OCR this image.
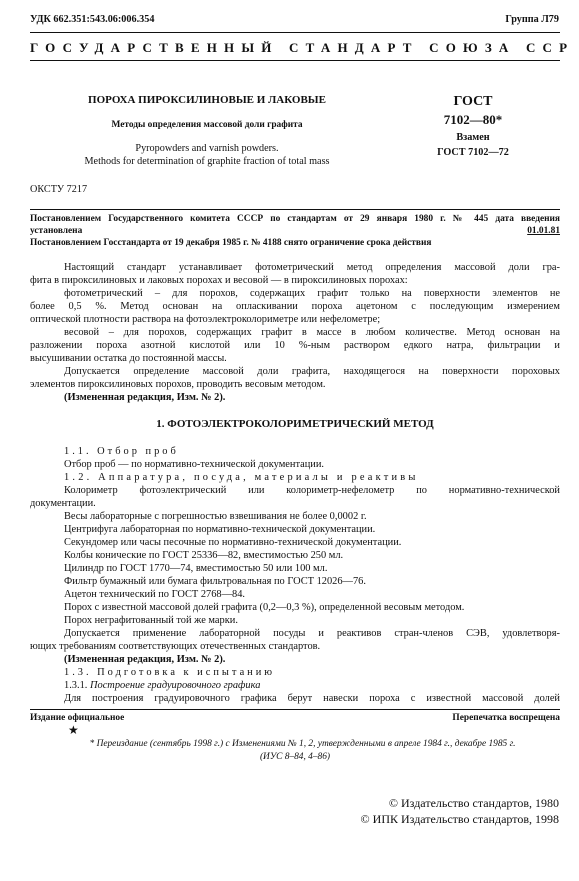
УДК 662.351:543.06:006.354	Группа Л79
ГОСУДАРСТВЕННЫЙ СТАНДАРТ СОЮЗА ССР
ПОРОХА ПИРОКСИЛИНОВЫЕ И ЛАКОВЫЕ
Методы определения массовой доли графита
Pyropowders and varnish powders.
Methods for determination of graphite fraction of total mass
ГОСТ
7102—80*
Взамен
ГОСТ 7102—72
ОКСТУ 7217
Постановлением Государственного комитета СССР по стандартам от 29 января 1980 г. № 445 дата введения
установлена	01.01.81
Постановлением Госстандарта от 19 декабря 1985 г. № 4188 снято ограничение срока действия
Настоящий стандарт устанавливает фотометрический метод определения массовой доли гра-
фита в пироксилиновых и лаковых порохах и весовой — в пироксилиновых порохах:
фотометрический – для порохов, содержащих графит только на поверхности элементов не
более 0,5 %. Метод основан на опласкивании пороха ацетоном с последующим измерением
оптической плотности раствора на фотоэлектроколориметре или нефелометре;
весовой – для порохов, содержащих графит в массе в любом количестве. Метод основан на
разложении пороха азотной кислотой или 10 %-ным раствором едкого натра, фильтрации и
высушивании остатка до постоянной массы.
Допускается определение массовой доли графита, находящегося на поверхности пороховых
элементов пироксилиновых порохов, проводить весовым методом.
(Измененная редакция, Изм. № 2).
1. ФОТОЭЛЕКТРОКОЛОРИМЕТРИЧЕСКИЙ МЕТОД
1.1. Отбор проб
Отбор проб — по нормативно-технической документации.
1.2. Аппаратура, посуда, материалы и реактивы
Колориметр фотоэлектрический или колориметр-нефелометр по нормативно-технической
документации.
Весы лабораторные с погрешностью взвешивания не более 0,0002 г.
Центрифуга лабораторная по нормативно-технической документации.
Секундомер или часы песочные по нормативно-технической документации.
Колбы конические по ГОСТ 25336—82, вместимостью 250 мл.
Цилиндр по ГОСТ 1770—74, вместимостью 50 или 100 мл.
Фильтр бумажный или бумага фильтровальная по ГОСТ 12026—76.
Ацетон технический по ГОСТ 2768—84.
Порох с известной массовой долей графита (0,2—0,3 %), определенной весовым методом.
Порох неграфитованный той же марки.
Допускается применение лабораторной посуды и реактивов стран-членов СЭВ, удовлетворя-
ющих требованиям соответствующих отечественных стандартов.
(Измененная редакция, Изм. № 2).
1.3. Подготовка к испытанию
1.3.1. Построение градуировочного графика
Для построения градуировочного графика берут навески пороха с известной массовой долей
Издание официальное	Перепечатка воспрещена
★
* Переиздание (сентябрь 1998 г.) с Изменениями № 1, 2, утвержденными в апреле 1984 г., декабре 1985 г.
(ИУС 8–84, 4–86)
© Издательство стандартов, 1980
© ИПК Издательство стандартов, 1998
